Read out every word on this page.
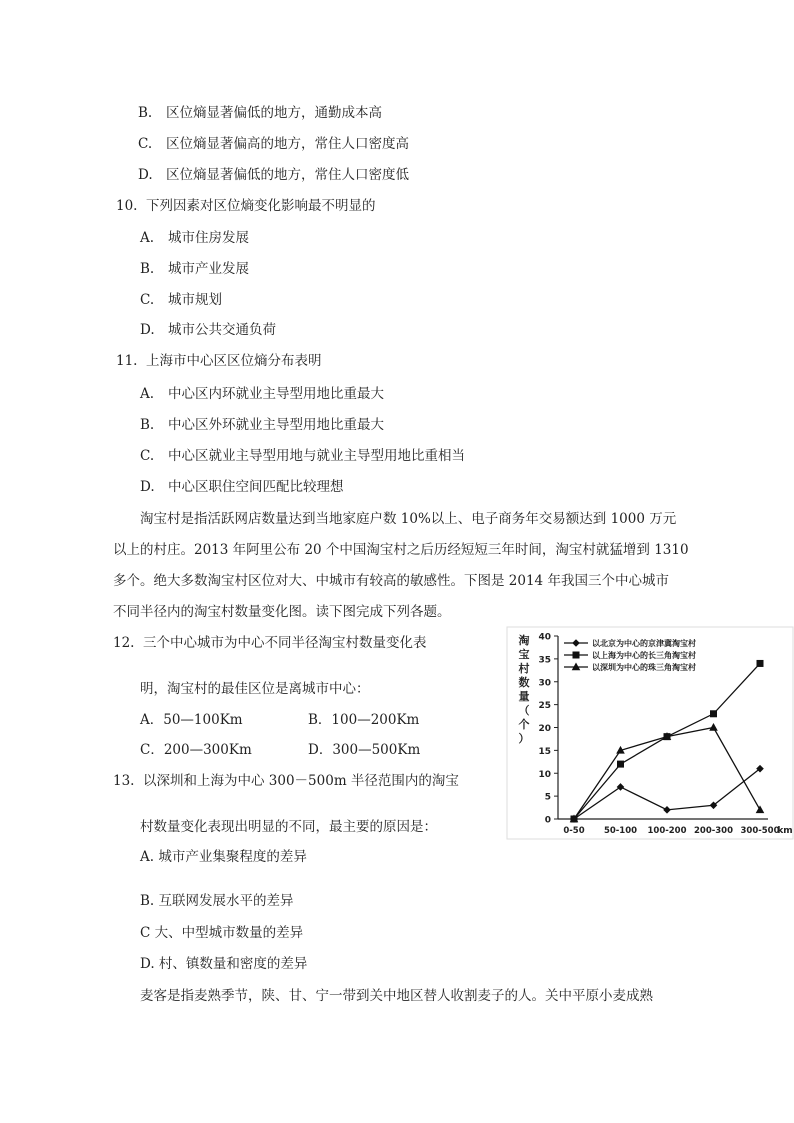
B. 区位熵显著偏低的地方，通勤成本高
C. 区位熵显著偏高的地方，常住人口密度高
D. 区位熵显著偏低的地方，常住人口密度低
10. 下列因素对区位熵变化影响最不明显的
A. 城市住房发展
B. 城市产业发展
C. 城市规划
D. 城市公共交通负荷
11. 上海市中心区区位熵分布表明
A. 中心区内环就业主导型用地比重最大
B. 中心区外环就业主导型用地比重最大
C. 中心区就业主导型用地与就业主导型用地比重相当
D. 中心区职住空间匹配比较理想
淘宝村是指活跃网店数量达到当地家庭户数 10%以上、电子商务年交易额达到 1000 万元
以上的村庄。2013 年阿里公布 20 个中国淘宝村之后历经短短三年时间，淘宝村就猛增到 1310
多个。绝大多数淘宝村区位对大、中城市有较高的敏感性。下图是 2014 年我国三个中心城市
不同半径内的淘宝村数量变化图。读下图完成下列各题。
12. 三个中心城市为中心不同半径淘宝村数量变化表
明，淘宝村的最佳区位是离城市中心：
A．50—100Km	B．100—200Km
C．200—300Km	D．300—500Km
13. 以深圳和上海为中心 300－500m 半径范围内的淘宝
村数量变化表现出明显的不同，最主要的原因是：
A. 城市产业集聚程度的差异
B. 互联网发展水平的差异
C 大、中型城市数量的差异
D. 村、镇数量和密度的差异
麦客是指麦熟季节，陕、甘、宁一带到关中地区替人收割麦子的人。关中平原小麦成熟
淘
宝
村
数
量
（
个
）
0
5
10
15
20
25
30
35
40
0-50 50-100 100-200 200-300 300-500
km
以北京为中心的京津冀淘宝村
以上海为中心的长三角淘宝村
以深圳为中心的珠三角淘宝村
